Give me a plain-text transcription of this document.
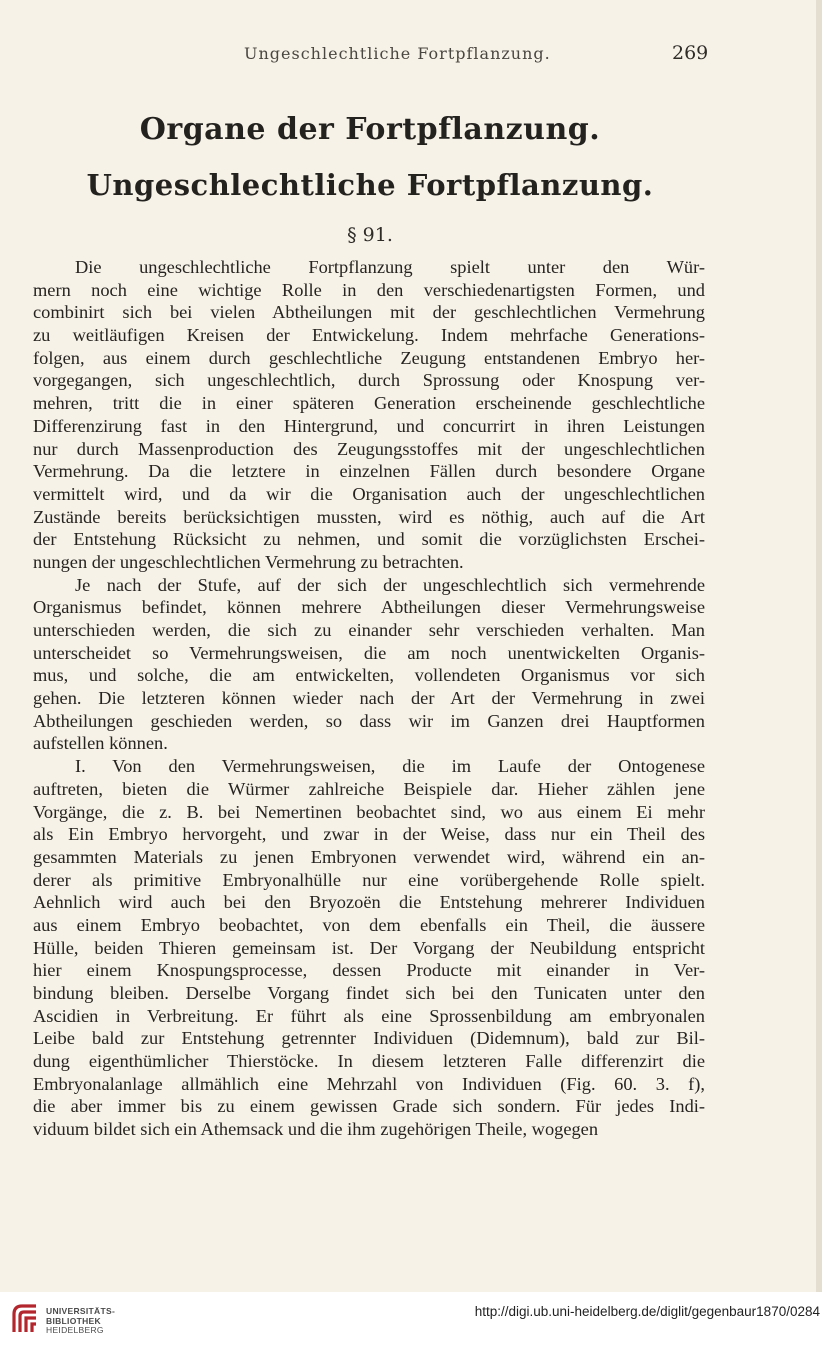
Ungeschlechtliche Fortpflanzung.	269
Organe der Fortpflanzung.
Ungeschlechtliche Fortpflanzung.
§ 91.
Die ungeschlechtliche Fortpflanzung spielt unter den Wür-
mern noch eine wichtige Rolle in den verschiedenartigsten Formen, und
combinirt sich bei vielen Abtheilungen mit der geschlechtlichen Vermehrung
zu weitläufigen Kreisen der Entwickelung. Indem mehrfache Generations-
folgen, aus einem durch geschlechtliche Zeugung entstandenen Embryo her-
vorgegangen, sich ungeschlechtlich, durch Sprossung oder Knospung ver-
mehren, tritt die in einer späteren Generation erscheinende geschlechtliche
Differenzirung fast in den Hintergrund, und concurrirt in ihren Leistungen
nur durch Massenproduction des Zeugungsstoffes mit der ungeschlechtlichen
Vermehrung. Da die letztere in einzelnen Fällen durch besondere Organe
vermittelt wird, und da wir die Organisation auch der ungeschlechtlichen
Zustände bereits berücksichtigen mussten, wird es nöthig, auch auf die Art
der Entstehung Rücksicht zu nehmen, und somit die vorzüglichsten Erschei-
nungen der ungeschlechtlichen Vermehrung zu betrachten.
Je nach der Stufe, auf der sich der ungeschlechtlich sich vermehrende
Organismus befindet, können mehrere Abtheilungen dieser Vermehrungsweise
unterschieden werden, die sich zu einander sehr verschieden verhalten. Man
unterscheidet so Vermehrungsweisen, die am noch unentwickelten Organis-
mus, und solche, die am entwickelten, vollendeten Organismus vor sich
gehen. Die letzteren können wieder nach der Art der Vermehrung in zwei
Abtheilungen geschieden werden, so dass wir im Ganzen drei Hauptformen
aufstellen können.
I. Von den Vermehrungsweisen, die im Laufe der Ontogenese
auftreten, bieten die Würmer zahlreiche Beispiele dar. Hieher zählen jene
Vorgänge, die z. B. bei Nemertinen beobachtet sind, wo aus einem Ei mehr
als Ein Embryo hervorgeht, und zwar in der Weise, dass nur ein Theil des
gesammten Materials zu jenen Embryonen verwendet wird, während ein an-
derer als primitive Embryonalhülle nur eine vorübergehende Rolle spielt.
Aehnlich wird auch bei den Bryozoën die Entstehung mehrerer Individuen
aus einem Embryo beobachtet, von dem ebenfalls ein Theil, die äussere
Hülle, beiden Thieren gemeinsam ist. Der Vorgang der Neubildung entspricht
hier einem Knospungsprocesse, dessen Producte mit einander in Ver-
bindung bleiben. Derselbe Vorgang findet sich bei den Tunicaten unter den
Ascidien in Verbreitung. Er führt als eine Sprossenbildung am embryonalen
Leibe bald zur Entstehung getrennter Individuen (Didemnum), bald zur Bil-
dung eigenthümlicher Thierstöcke. In diesem letzteren Falle differenzirt die
Embryonalanlage allmählich eine Mehrzahl von Individuen (Fig. 60. 3. f),
die aber immer bis zu einem gewissen Grade sich sondern. Für jedes Indi-
viduum bildet sich ein Athemsack und die ihm zugehörigen Theile, wogegen
UNIVERSITÄTS-
BIBLIOTHEK
HEIDELBERG
http://digi.ub.uni-heidelberg.de/diglit/gegenbaur1870/0284
